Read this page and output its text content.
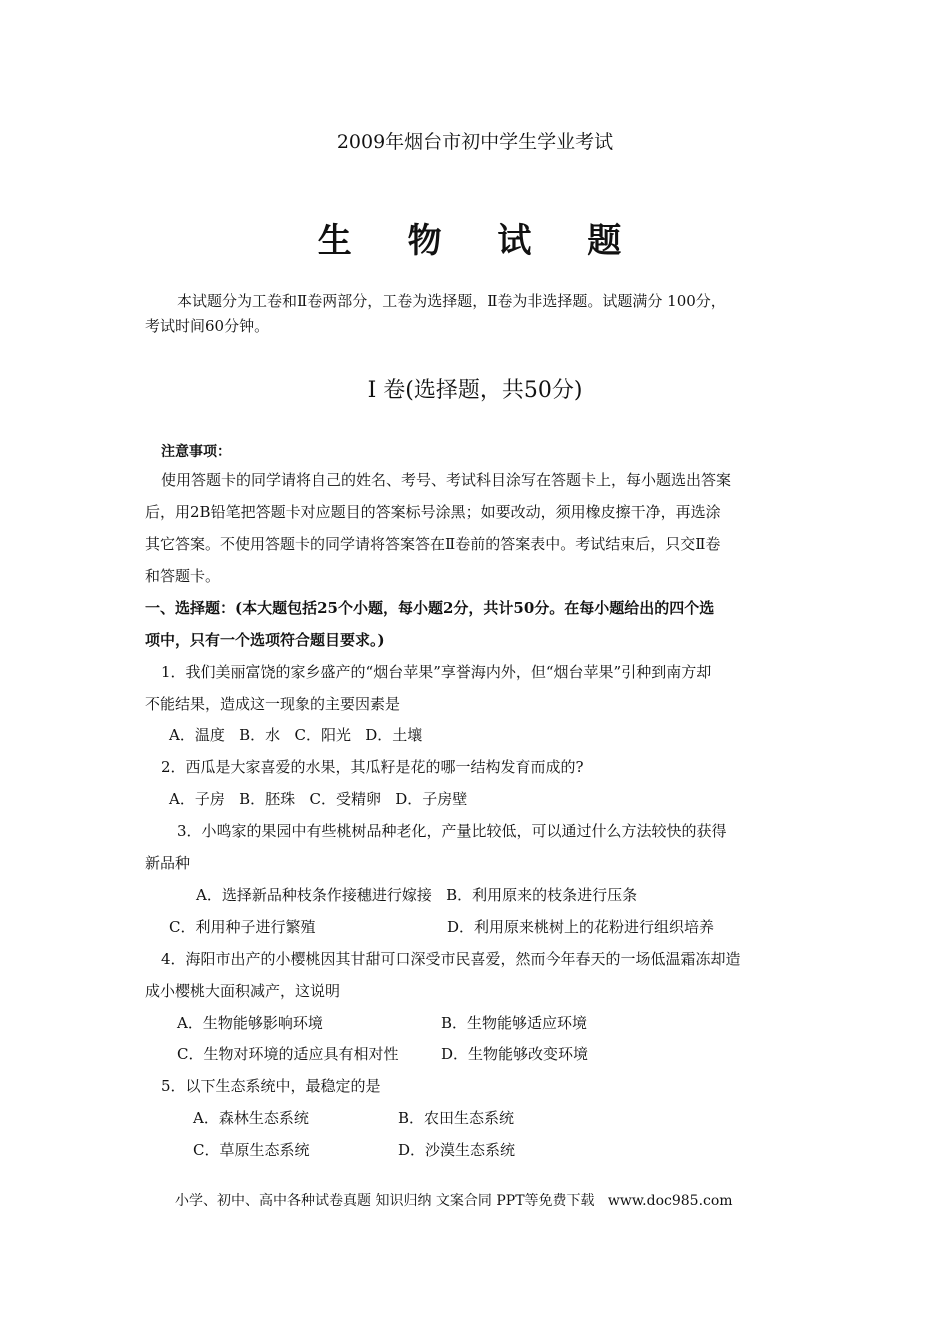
2009年烟台市初中学生学业考试
生 物 试 题
本试题分为工卷和Ⅱ卷两部分，工卷为选择题，Ⅱ卷为非选择题。试题满分 100分，
考试时间60分钟。
Ⅰ 卷(选择题，共50分)
注意事项：
使用答题卡的同学请将自己的姓名、考号、考试科目涂写在答题卡上，每小题选出答案
后，用2B铅笔把答题卡对应题目的答案标号涂黑；如要改动，须用橡皮擦干净，再选涂
其它答案。不使用答题卡的同学请将答案答在Ⅱ卷前的答案表中。考试结束后，只交Ⅱ卷
和答题卡。
一、选择题：(本大题包括25个小题，每小题2分，共计50分。在每小题给出的四个选
项中，只有一个选项符合题目要求。)
1．我们美丽富饶的家乡盛产的“烟台苹果”享誉海内外，但“烟台苹果”引种到南方却
不能结果，造成这一现象的主要因素是
A．温度   B．水   C．阳光   D．土壤
2．西瓜是大家喜爱的水果，其瓜籽是花的哪一结构发育而成的?
A．子房   B．胚珠   C．受精卵   D．子房壁
3．小鸣家的果园中有些桃树品种老化，产量比较低，可以通过什么方法较快的获得
新品种
A．选择新品种枝条作接穗进行嫁接   B．利用原来的枝条进行压条
C．利用种子进行繁殖	D．利用原来桃树上的花粉进行组织培养
4．海阳市出产的小樱桃因其甘甜可口深受市民喜爱，然而今年春天的一场低温霜冻却造
成小樱桃大面积减产，这说明
A．生物能够影响环境	B．生物能够适应环境
C．生物对环境的适应具有相对性	D．生物能够改变环境
5．以下生态系统中，最稳定的是
A．森林生态系统	B．农田生态系统
C．草原生态系统	D．沙漠生态系统
小学、初中、高中各种试卷真题 知识归纳 文案合同 PPT等免费下载   www.doc985.com
